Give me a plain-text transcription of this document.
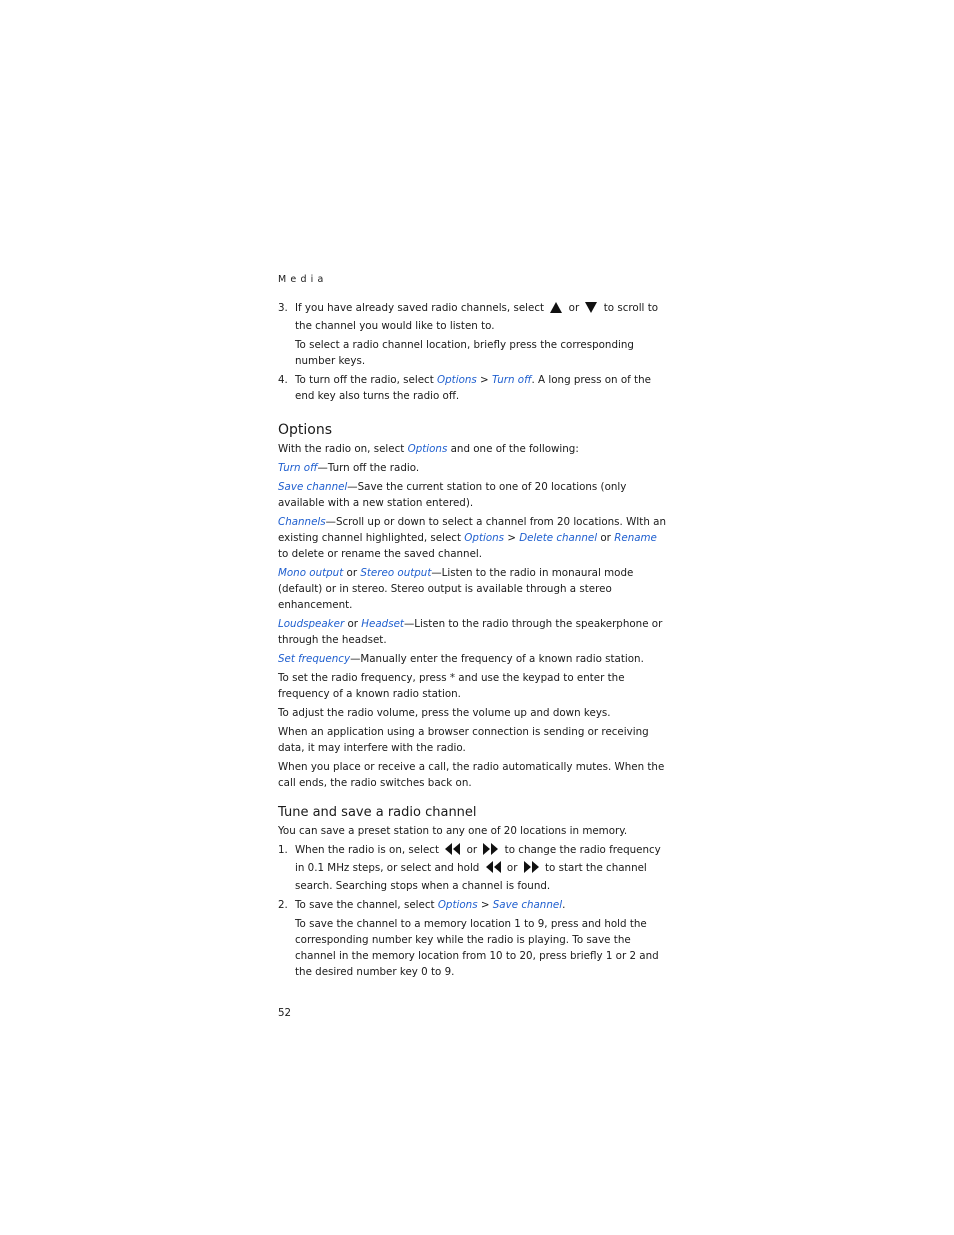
Media
3. If you have already saved radio channels, select or to scroll to the channel you would like to listen to.

To select a radio channel location, briefly press the corresponding number keys.

4. To turn off the radio, select Options > Turn off. A long press on of the end key also turns the radio off.
Options

With the radio on, select Options and one of the following:

Turn off—Turn off the radio.

Save channel—Save the current station to one of 20 locations (only available with a new station entered).

Channels—Scroll up or down to select a channel from 20 locations. WIth an existing channel highlighted, select Options > Delete channel or Rename to delete or rename the saved channel.

Mono output or Stereo output—Listen to the radio in monaural mode (default) or in stereo. Stereo output is available through a stereo enhancement.

Loudspeaker or Headset—Listen to the radio through the speakerphone or through the headset.

Set frequency—Manually enter the frequency of a known radio station.

To set the radio frequency, press * and use the keypad to enter the frequency of a known radio station.

To adjust the radio volume, press the volume up and down keys.

When an application using a browser connection is sending or receiving data, it may interfere with the radio.

When you place or receive a call, the radio automatically mutes. When the call ends, the radio switches back on.

Tune and save a radio channel

You can save a preset station to any one of 20 locations in memory.

1. When the radio is on, select	or	to change the radio frequency in 0.1 MHz steps, or select and hold	or	to start the channel search. Searching stops when a channel is found.
2. To save the channel, select Options > Save channel.

To save the channel to a memory location 1 to 9, press and hold the corresponding number key while the radio is playing. To save the channel in the memory location from 10 to 20, press briefly 1 or 2 and the desired number key 0 to 9.

52
